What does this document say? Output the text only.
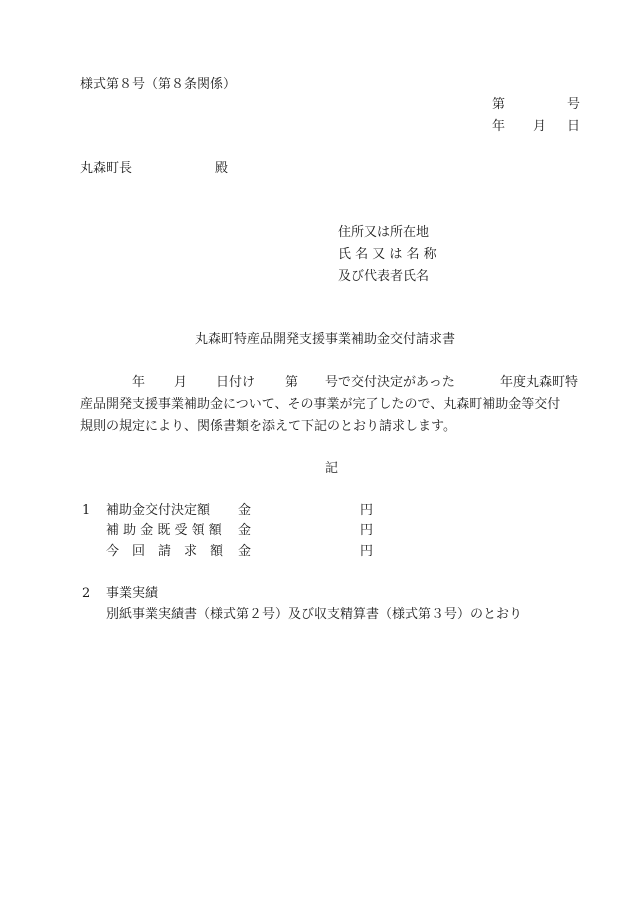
様式第８号（第８条関係）
第	号
年 月 日
丸森町長	殿
住所又は所在地
氏 名 又 は 名 称
及び代表者氏名
丸森町特産品開発支援事業補助金交付請求書
年 月 日付け 第 号で交付決定があった	年度丸森町特
産品開発支援事業補助金について、その事業が完了したので、丸森町補助金等交付
規則の規定により、関係書類を添えて下記のとおり請求します。
記
1 補助金交付決定額 金	円
補 助 金 既 受 領 額 金	円
今　回　請　求　額 金	円
2 事業実績
別紙事業実績書（様式第２号）及び収支精算書（様式第３号）のとおり
